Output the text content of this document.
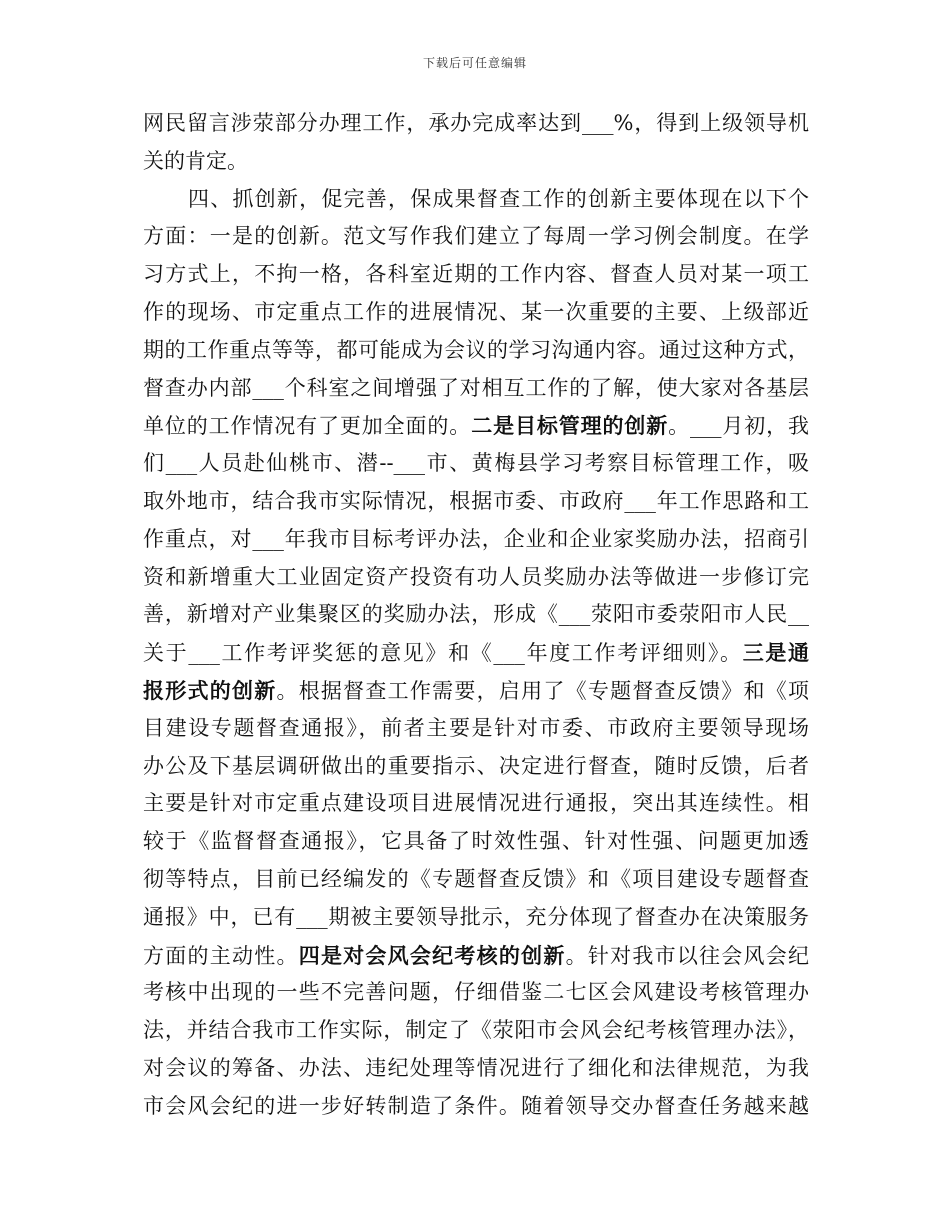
下载后可任意编辑
网民留言涉荥部分办理工作，承办完成率达到___%，得到上级领导机
关的肯定。
四、抓创新，促完善，保成果督查工作的创新主要体现在以下个
方面：一是的创新。范文写作我们建立了每周一学习例会制度。在学
习方式上，不拘一格，各科室近期的工作内容、督查人员对某一项工
作的现场、市定重点工作的进展情况、某一次重要的主要、上级部近
期的工作重点等等，都可能成为会议的学习沟通内容。通过这种方式，
督查办内部___个科室之间增强了对相互工作的了解，使大家对各基层
单位的工作情况有了更加全面的。二是目标管理的创新。___月初，我
们___人员赴仙桃市、潜--___市、黄梅县学习考察目标管理工作，吸
取外地市，结合我市实际情况，根据市委、市政府___年工作思路和工
作重点，对___年我市目标考评办法，企业和企业家奖励办法，招商引
资和新增重大工业固定资产投资有功人员奖励办法等做进一步修订完
善，新增对产业集聚区的奖励办法，形成《___荥阳市委荥阳市人民__
关于___工作考评奖惩的意见》和《___年度工作考评细则》。三是通
报形式的创新。根据督查工作需要，启用了《专题督查反馈》和《项
目建设专题督查通报》，前者主要是针对市委、市政府主要领导现场
办公及下基层调研做出的重要指示、决定进行督查，随时反馈，后者
主要是针对市定重点建设项目进展情况进行通报，突出其连续性。相
较于《监督督查通报》，它具备了时效性强、针对性强、问题更加透
彻等特点，目前已经编发的《专题督查反馈》和《项目建设专题督查
通报》中，已有___期被主要领导批示，充分体现了督查办在决策服务
方面的主动性。四是对会风会纪考核的创新。针对我市以往会风会纪
考核中出现的一些不完善问题，仔细借鉴二七区会风建设考核管理办
法，并结合我市工作实际，制定了《荥阳市会风会纪考核管理办法》，
对会议的筹备、办法、违纪处理等情况进行了细化和法律规范，为我
市会风会纪的进一步好转制造了条件。随着领导交办督查任务越来越
